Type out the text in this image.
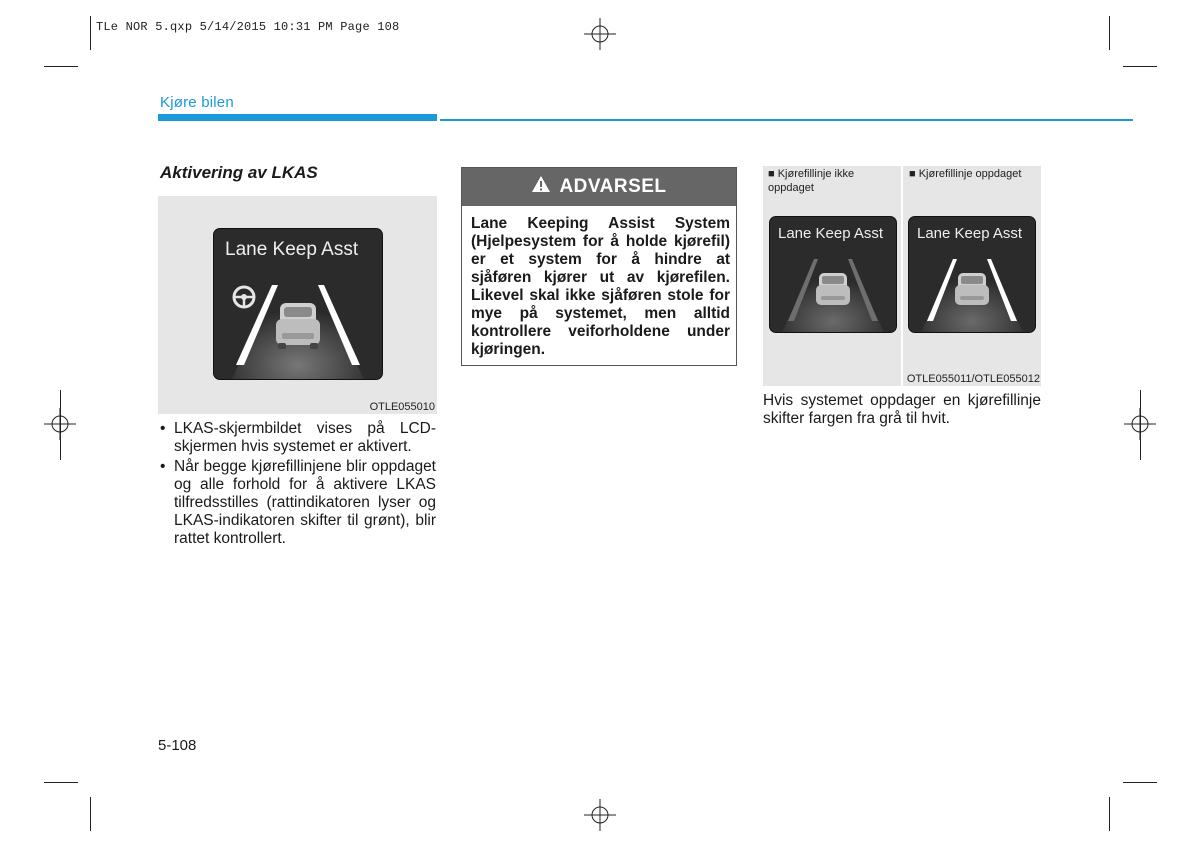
TLe NOR 5.qxp 5/14/2015 10:31 PM Page 108
Kjøre bilen
Aktivering av LKAS
Lane Keep Asst
OTLE055010
• LKAS-skjermbildet vises på LCD-skjermen hvis systemet er aktivert.
• Når begge kjørefillinjene blir oppdaget og alle forhold for å aktivere LKAS tilfredsstilles (rattindikatoren lyser og LKAS-indikatoren skifter til grønt), blir rattet kontrollert.
ADVARSEL
Lane Keeping Assist System (Hjelpesystem for å holde kjørefil) er et system for å hindre at sjåføren kjører ut av kjørefilen. Likevel skal ikke sjåføren stole for mye på systemet, men alltid kontrollere veiforholdene under kjøringen.
■ Kjørefillinje ikke oppdaget
Lane Keep Asst
■ Kjørefillinje oppdaget
Lane Keep Asst
OTLE055011/OTLE055012
Hvis systemet oppdager en kjørefillinje skifter fargen fra grå til hvit.
5-108
